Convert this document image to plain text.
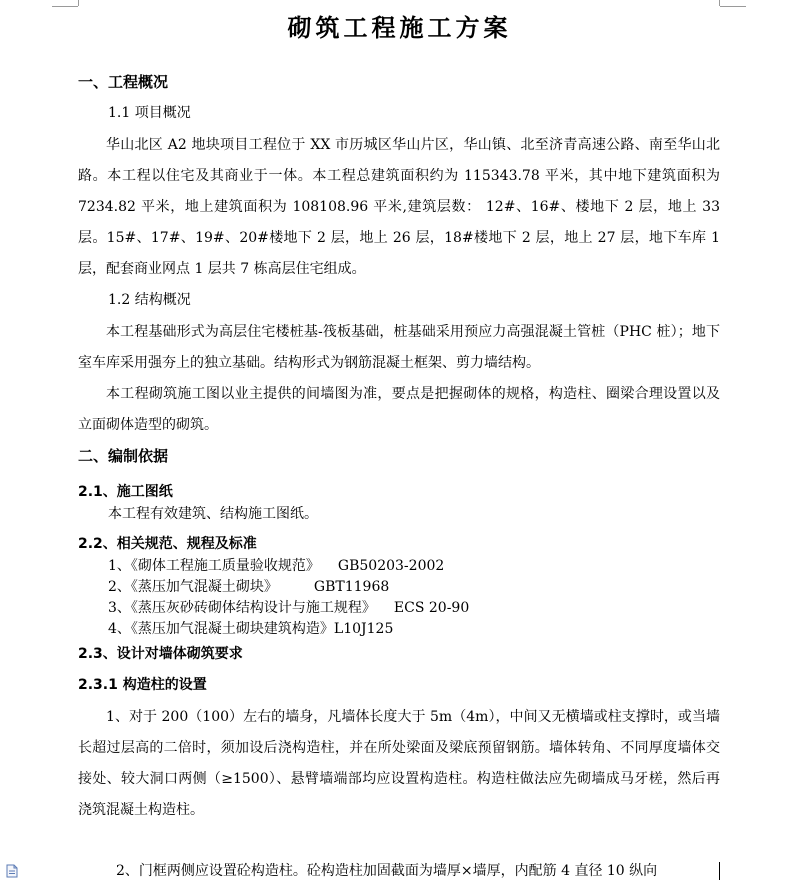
砌筑工程施工方案
一、工程概况
1.1 项目概况
华山北区 A2 地块项目工程位于 XX 市历城区华山片区，华山镇、北至济青高速公路、南至华山北路。本工程以住宅及其商业于一体。本工程总建筑面积约为 115343.78 平米，其中地下建筑面积为 7234.82 平米，地上建筑面积为 108108.96 平米,建筑层数： 12#、16#、楼地下 2 层，地上 33 层。15#、17#、19#、20#楼地下 2 层，地上 26 层，18#楼地下 2 层，地上 27 层，地下车库 1 层，配套商业网点 1 层共 7 栋高层住宅组成。
1.2 结构概况
本工程基础形式为高层住宅楼桩基-筏板基础，桩基础采用预应力高强混凝土管桩（PHC 桩）；地下室车库采用强夯上的独立基础。结构形式为钢筋混凝土框架、剪力墙结构。
本工程砌筑施工图以业主提供的间墙图为准，要点是把握砌体的规格，构造柱、圈梁合理设置以及立面砌体造型的砌筑。
二、编制依据
2.1、施工图纸
本工程有效建筑、结构施工图纸。
2.2、相关规范、规程及标准
1、《砌体工程施工质量验收规范》 GB50203-2002
2、《蒸压加气混凝土砌块》	GBT11968
3、《蒸压灰砂砖砌体结构设计与施工规程》 ECS 20-90
4、《蒸压加气混凝土砌块建筑构造》L10J125
2.3、设计对墙体砌筑要求
2.3.1 构造柱的设置
1、对于 200（100）左右的墙身，凡墙体长度大于 5m（4m），中间又无横墙或柱支撑时，或当墙长超过层高的二倍时，须加设后浇构造柱，并在所处梁面及梁底预留钢筋。墙体转角、不同厚度墙体交接处、较大洞口两侧（≥1500）、悬臂墙端部均应设置构造柱。构造柱做法应先砌墙成马牙槎，然后再浇筑混凝土构造柱。
2、门框两侧应设置砼构造柱。砼构造柱加固截面为墙厚×墙厚，内配筋 4 直径 10 纵向
